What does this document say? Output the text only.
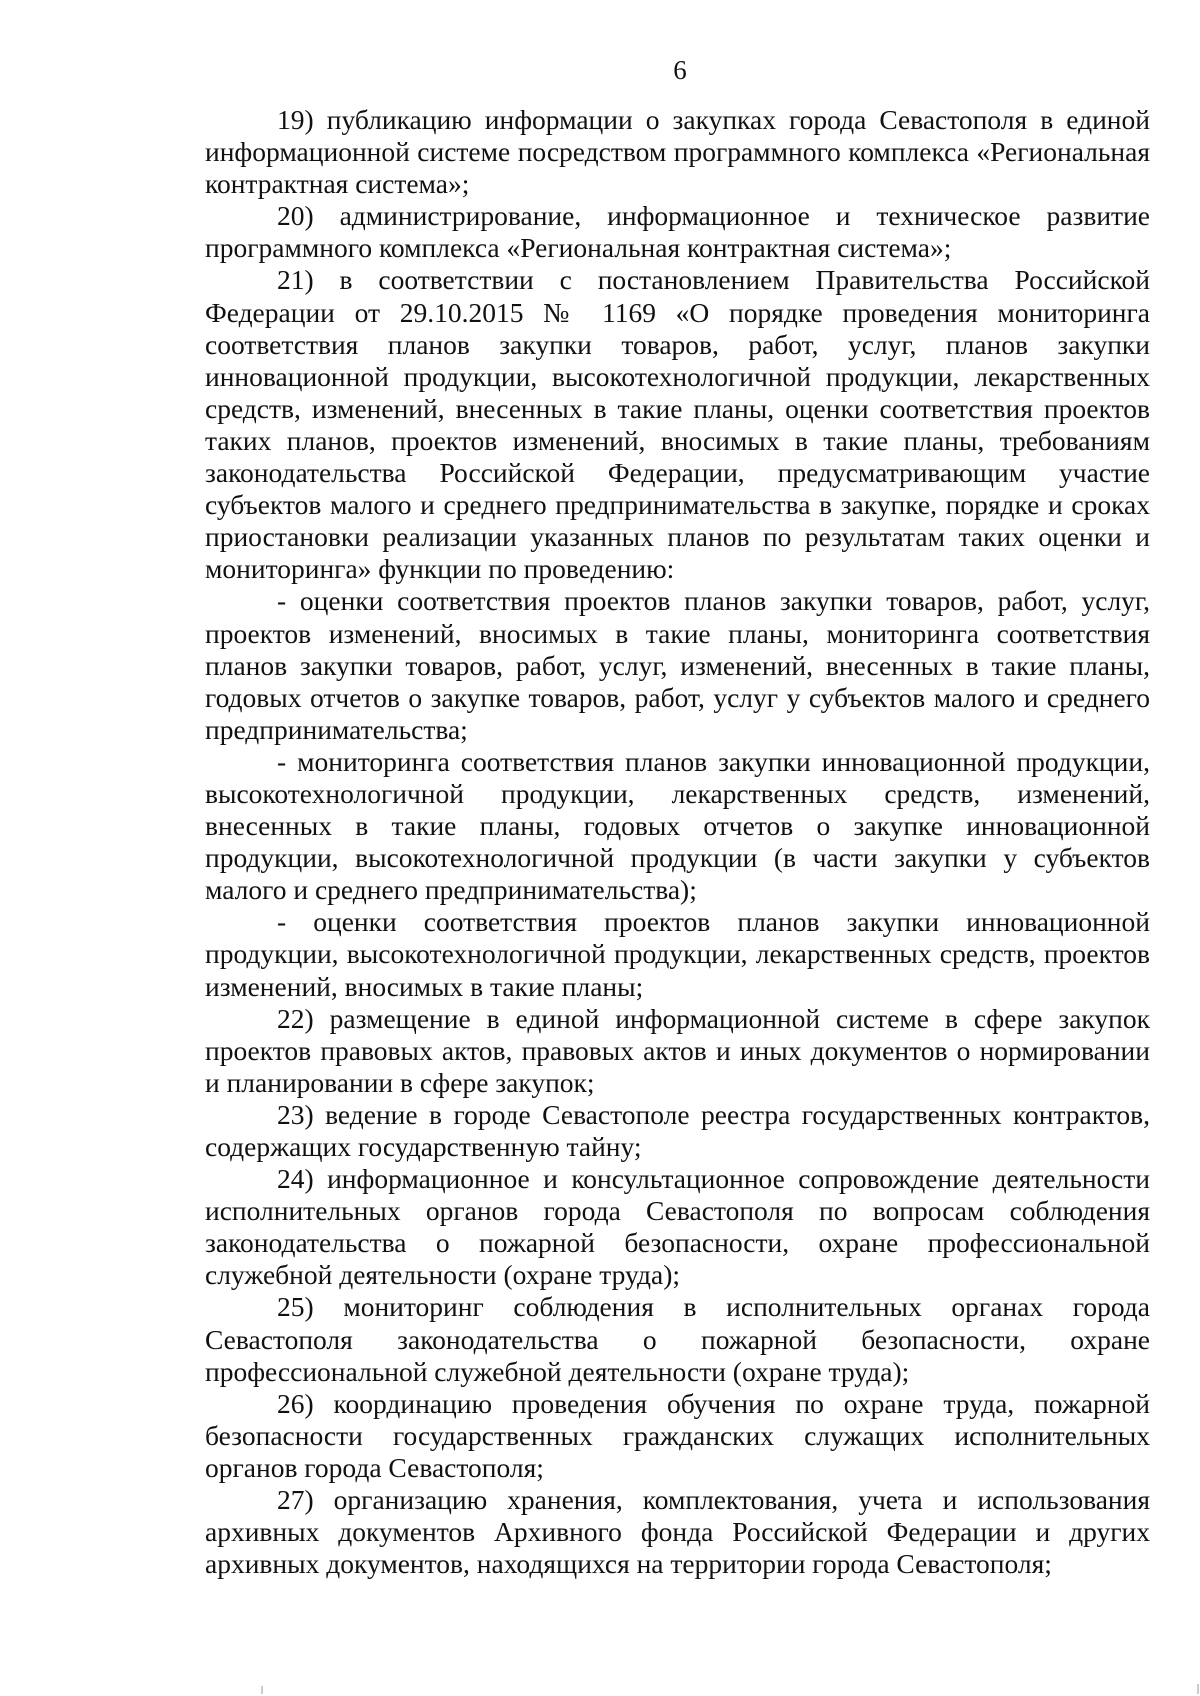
6

19) публикацию информации о закупках города Севастополя в единой информационной системе посредством программного комплекса «Региональная контрактная система»;

20) администрирование, информационное и техническое развитие программного комплекса «Региональная контрактная система»;

21) в соответствии с постановлением Правительства Российской Федерации от 29.10.2015 № 1169 «О порядке проведения мониторинга соответствия планов закупки товаров, работ, услуг, планов закупки инновационной продукции, высокотехнологичной продукции, лекарственных средств, изменений, внесенных в такие планы, оценки соответствия проектов таких планов, проектов изменений, вносимых в такие планы, требованиям законодательства Российской Федерации, предусматривающим участие субъектов малого и среднего предпринимательства в закупке, порядке и сроках приостановки реализации указанных планов по результатам таких оценки и мониторинга» функции по проведению:

- оценки соответствия проектов планов закупки товаров, работ, услуг, проектов изменений, вносимых в такие планы, мониторинга соответствия планов закупки товаров, работ, услуг, изменений, внесенных в такие планы, годовых отчетов о закупке товаров, работ, услуг у субъектов малого и среднего предпринимательства;

- мониторинга соответствия планов закупки инновационной продукции, высокотехнологичной продукции, лекарственных средств, изменений, внесенных в такие планы, годовых отчетов о закупке инновационной продукции, высокотехнологичной продукции (в части закупки у субъектов малого и среднего предпринимательства);

- оценки соответствия проектов планов закупки инновационной продукции, высокотехнологичной продукции, лекарственных средств, проектов изменений, вносимых в такие планы;

22) размещение в единой информационной системе в сфере закупок проектов правовых актов, правовых актов и иных документов о нормировании и планировании в сфере закупок;

23) ведение в городе Севастополе реестра государственных контрактов, содержащих государственную тайну;

24) информационное и консультационное сопровождение деятельности исполнительных органов города Севастополя по вопросам соблюдения законодательства о пожарной безопасности, охране профессиональной служебной деятельности (охране труда);

25) мониторинг соблюдения в исполнительных органах города Севастополя законодательства о пожарной безопасности, охране профессиональной служебной деятельности (охране труда);

26) координацию проведения обучения по охране труда, пожарной безопасности государственных гражданских служащих исполнительных органов города Севастополя;

27) организацию хранения, комплектования, учета и использования архивных документов Архивного фонда Российской Федерации и других архивных документов, находящихся на территории города Севастополя;
